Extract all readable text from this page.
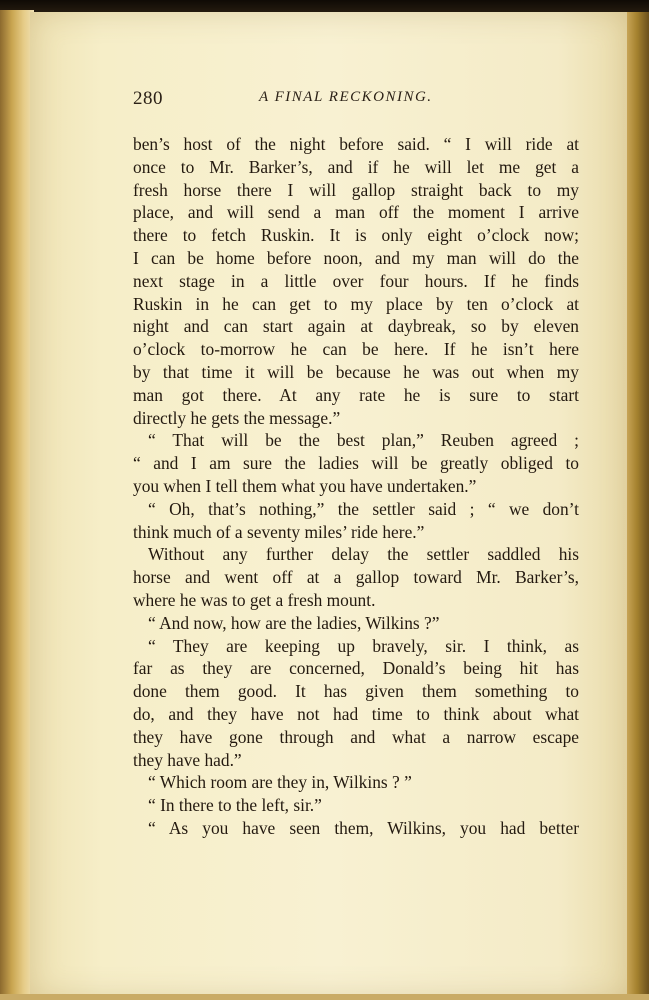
280	A FINAL RECKONING.
ben’s host of the night before said. “ I will ride at
once to Mr. Barker’s, and if he will let me get a
fresh horse there I will gallop straight back to my
place, and will send a man off the moment I arrive
there to fetch Ruskin. It is only eight o’clock now;
I can be home before noon, and my man will do the
next stage in a little over four hours. If he finds
Ruskin in he can get to my place by ten o’clock at
night and can start again at daybreak, so by eleven
o’clock to-morrow he can be here. If he isn’t here
by that time it will be because he was out when my
man got there. At any rate he is sure to start
directly he gets the message.”
“ That will be the best plan,” Reuben agreed ;
“ and I am sure the ladies will be greatly obliged to
you when I tell them what you have undertaken.”
“ Oh, that’s nothing,” the settler said ; “ we don’t
think much of a seventy miles’ ride here.”
Without any further delay the settler saddled his
horse and went off at a gallop toward Mr. Barker’s,
where he was to get a fresh mount.
“ And now, how are the ladies, Wilkins ?”
“ They are keeping up bravely, sir. I think, as
far as they are concerned, Donald’s being hit has
done them good. It has given them something to
do, and they have not had time to think about what
they have gone through and what a narrow escape
they have had.”
“ Which room are they in, Wilkins ? ”
“ In there to the left, sir.”
“ As you have seen them, Wilkins, you had better
